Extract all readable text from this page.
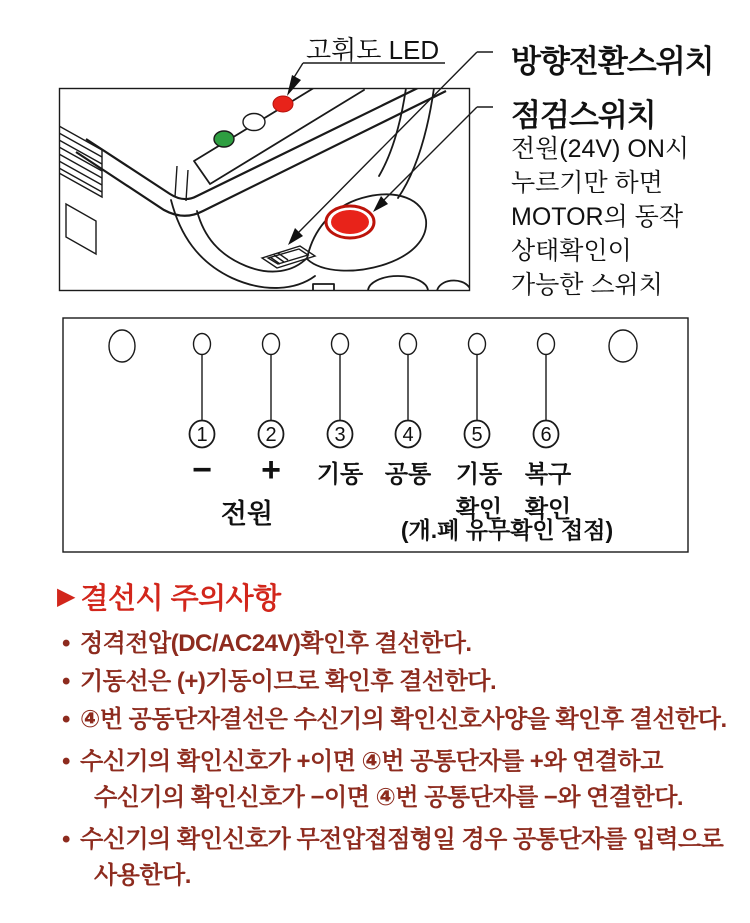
고휘도 LED 방향전환스위치
점검스위치
전원(24V) ON시
누르기만 하면
MOTOR의 동작
상태확인이
가능한 스위치
1
−
2
+
3
기동
4
공통
5
기동
확인
6
복구
확인
전원
(개.폐 유무확인 접점)
▶ 결선시 주의사항
• 정격전압(DC/AC24V)확인후 결선한다.
• 기동선은 (+)기동이므로 확인후 결선한다.
• ④번 공동단자결선은 수신기의 확인신호사양을 확인후 결선한다.
• 수신기의 확인신호가 +이면 ④번 공통단자를 +와 연결하고
수신기의 확인신호가 −이면 ④번 공통단자를 −와 연결한다.
• 수신기의 확인신호가 무전압접점형일 경우 공통단자를 입력으로
사용한다.
